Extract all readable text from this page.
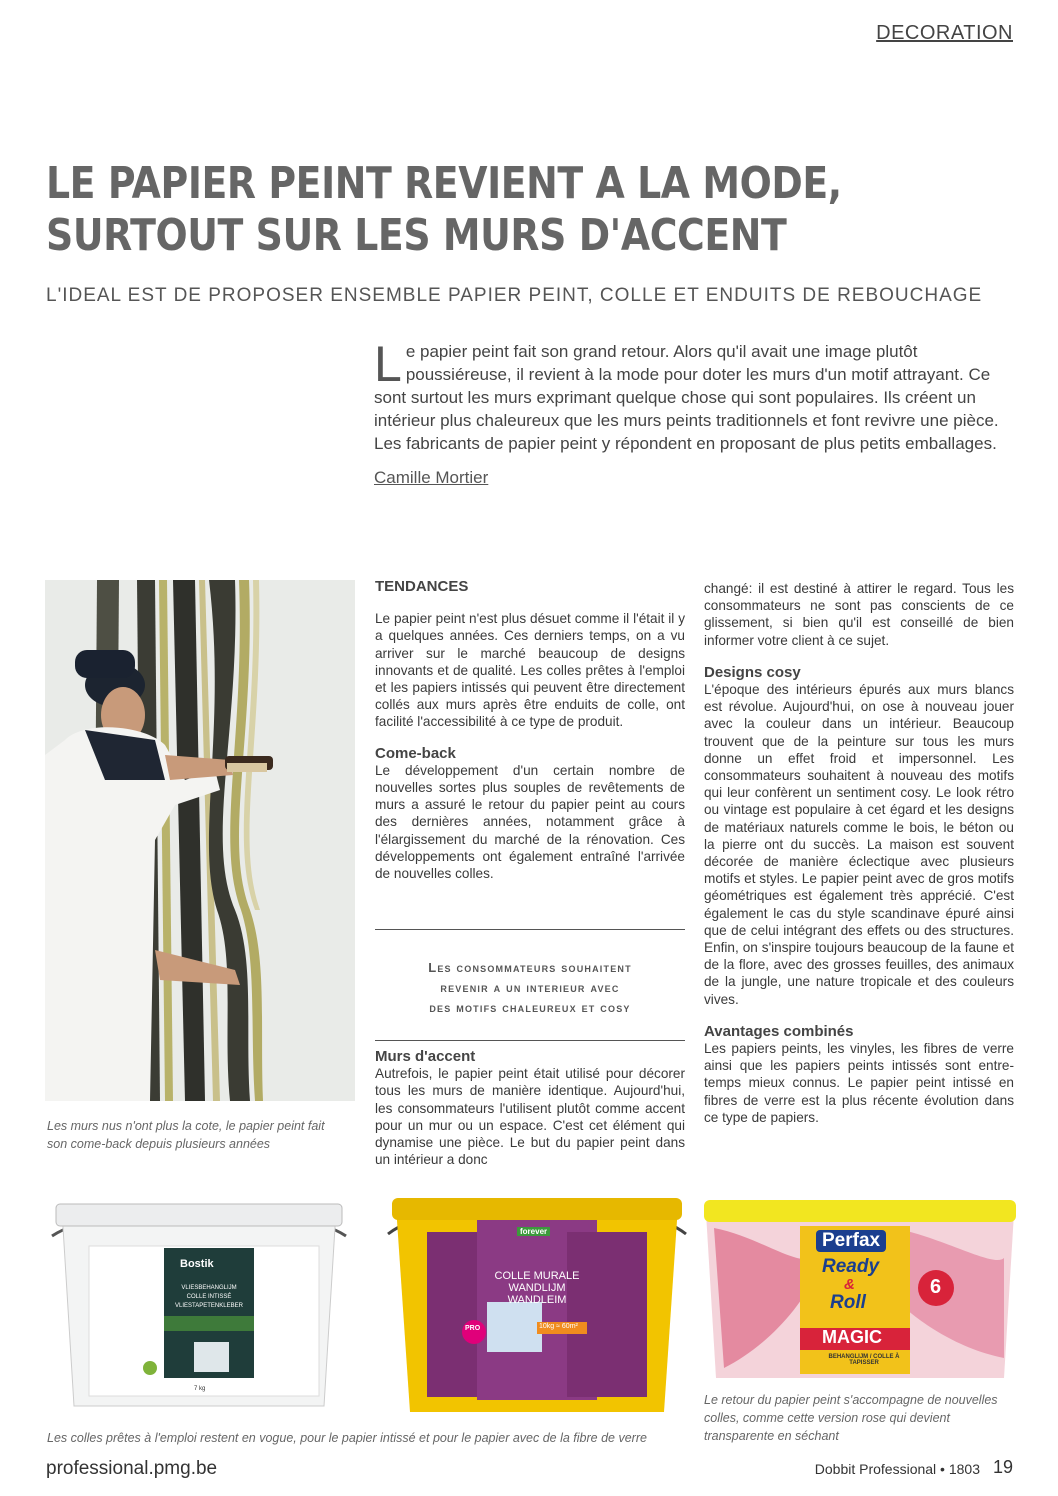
DECORATION
LE PAPIER PEINT REVIENT A LA MODE,
SURTOUT SUR LES MURS D'ACCENT
L'IDEAL EST DE PROPOSER ENSEMBLE PAPIER PEINT, COLLE ET ENDUITS DE REBOUCHAGE
Le papier peint fait son grand retour. Alors qu'il avait une image plutôt poussiéreuse, il revient à la mode pour doter les murs d'un motif attrayant. Ce sont surtout les murs exprimant quelque chose qui sont populaires. Ils créent un intérieur plus chaleureux que les murs peints traditionnels et font revivre une pièce. Les fabricants de papier peint y répondent en proposant de plus petits emballages.
Camille Mortier
Les murs nus n'ont plus la cote, le papier peint fait son come-back depuis plusieurs années
TENDANCES

Le papier peint n'est plus désuet comme il l'était il y a quelques années. Ces derniers temps, on a vu arriver sur le marché beaucoup de designs innovants et de qualité. Les colles prêtes à l'emploi et les papiers intissés qui peuvent être directement collés aux murs après être enduits de colle, ont facilité l'accessibilité à ce type de produit.

Come-back

Le développement d'un certain nombre de nouvelles sortes plus souples de revêtements de murs a assuré le retour du papier peint au cours des dernières années, notamment grâce à l'élargissement du marché de la rénovation. Ces développements ont également entraîné l'arrivée de nouvelles colles.

Les consommateurs souhaitent
revenir a un interieur avec
des motifs chaleureux et cosy
Murs d'accent

Autrefois, le papier peint était utilisé pour décorer tous les murs de manière identique. Aujourd'hui, les consommateurs l'utilisent plutôt comme accent pour un mur ou un espace. C'est cet élément qui dynamise une pièce. Le but du papier peint dans un intérieur a donc

changé: il est destiné à attirer le regard. Tous les consommateurs ne sont pas conscients de ce glissement, si bien qu'il est conseillé de bien informer votre client à ce sujet.

Designs cosy

L'époque des intérieurs épurés aux murs blancs est révolue. Aujourd'hui, on ose à nouveau jouer avec la couleur dans un intérieur. Beaucoup trouvent que de la peinture sur tous les murs donne un effet froid et impersonnel. Les consommateurs souhaitent à nouveau des motifs qui leur confèrent un sentiment cosy. Le look rétro ou vintage est populaire à cet égard et les designs de matériaux naturels comme le bois, le béton ou la pierre ont du succès. La maison est souvent décorée de manière éclectique avec plusieurs motifs et styles. Le papier peint avec de gros motifs géométriques est également très apprécié. C'est également le cas du style scandinave épuré ainsi que de celui intégrant des effets ou des structures. Enfin, on s'inspire toujours beaucoup de la faune et de la flore, avec des grosses feuilles, des animaux de la jungle, une nature tropicale et des couleurs vives.

Avantages combinés

Les papiers peints, les vinyles, les fibres de verre ainsi que les papiers peints intissés sont entre-temps mieux connus. Le papier peint intissé en fibres de verre est la plus récente évolution dans ce type de papiers.

Bostik
VLIESBEHANGLIJM
COLLE INTISSÉ
VLIESTAPETENKLEBER
7 kg
forever
COLLE MURALE
WANDLIJM
WANDLEIM
PRO	10kg ≈ 60m²
Perfax
Ready
&
Roll
MAGIC
6
BEHANGLIJM / COLLE À TAPISSER
Le retour du papier peint s'accompagne de nouvelles colles, comme cette version rose qui devient transparente en séchant
Les colles prêtes à l'emploi restent en vogue, pour le papier intissé et pour le papier avec de la fibre de verre
professional.pmg.be	Dobbit Professional • 1803 19
